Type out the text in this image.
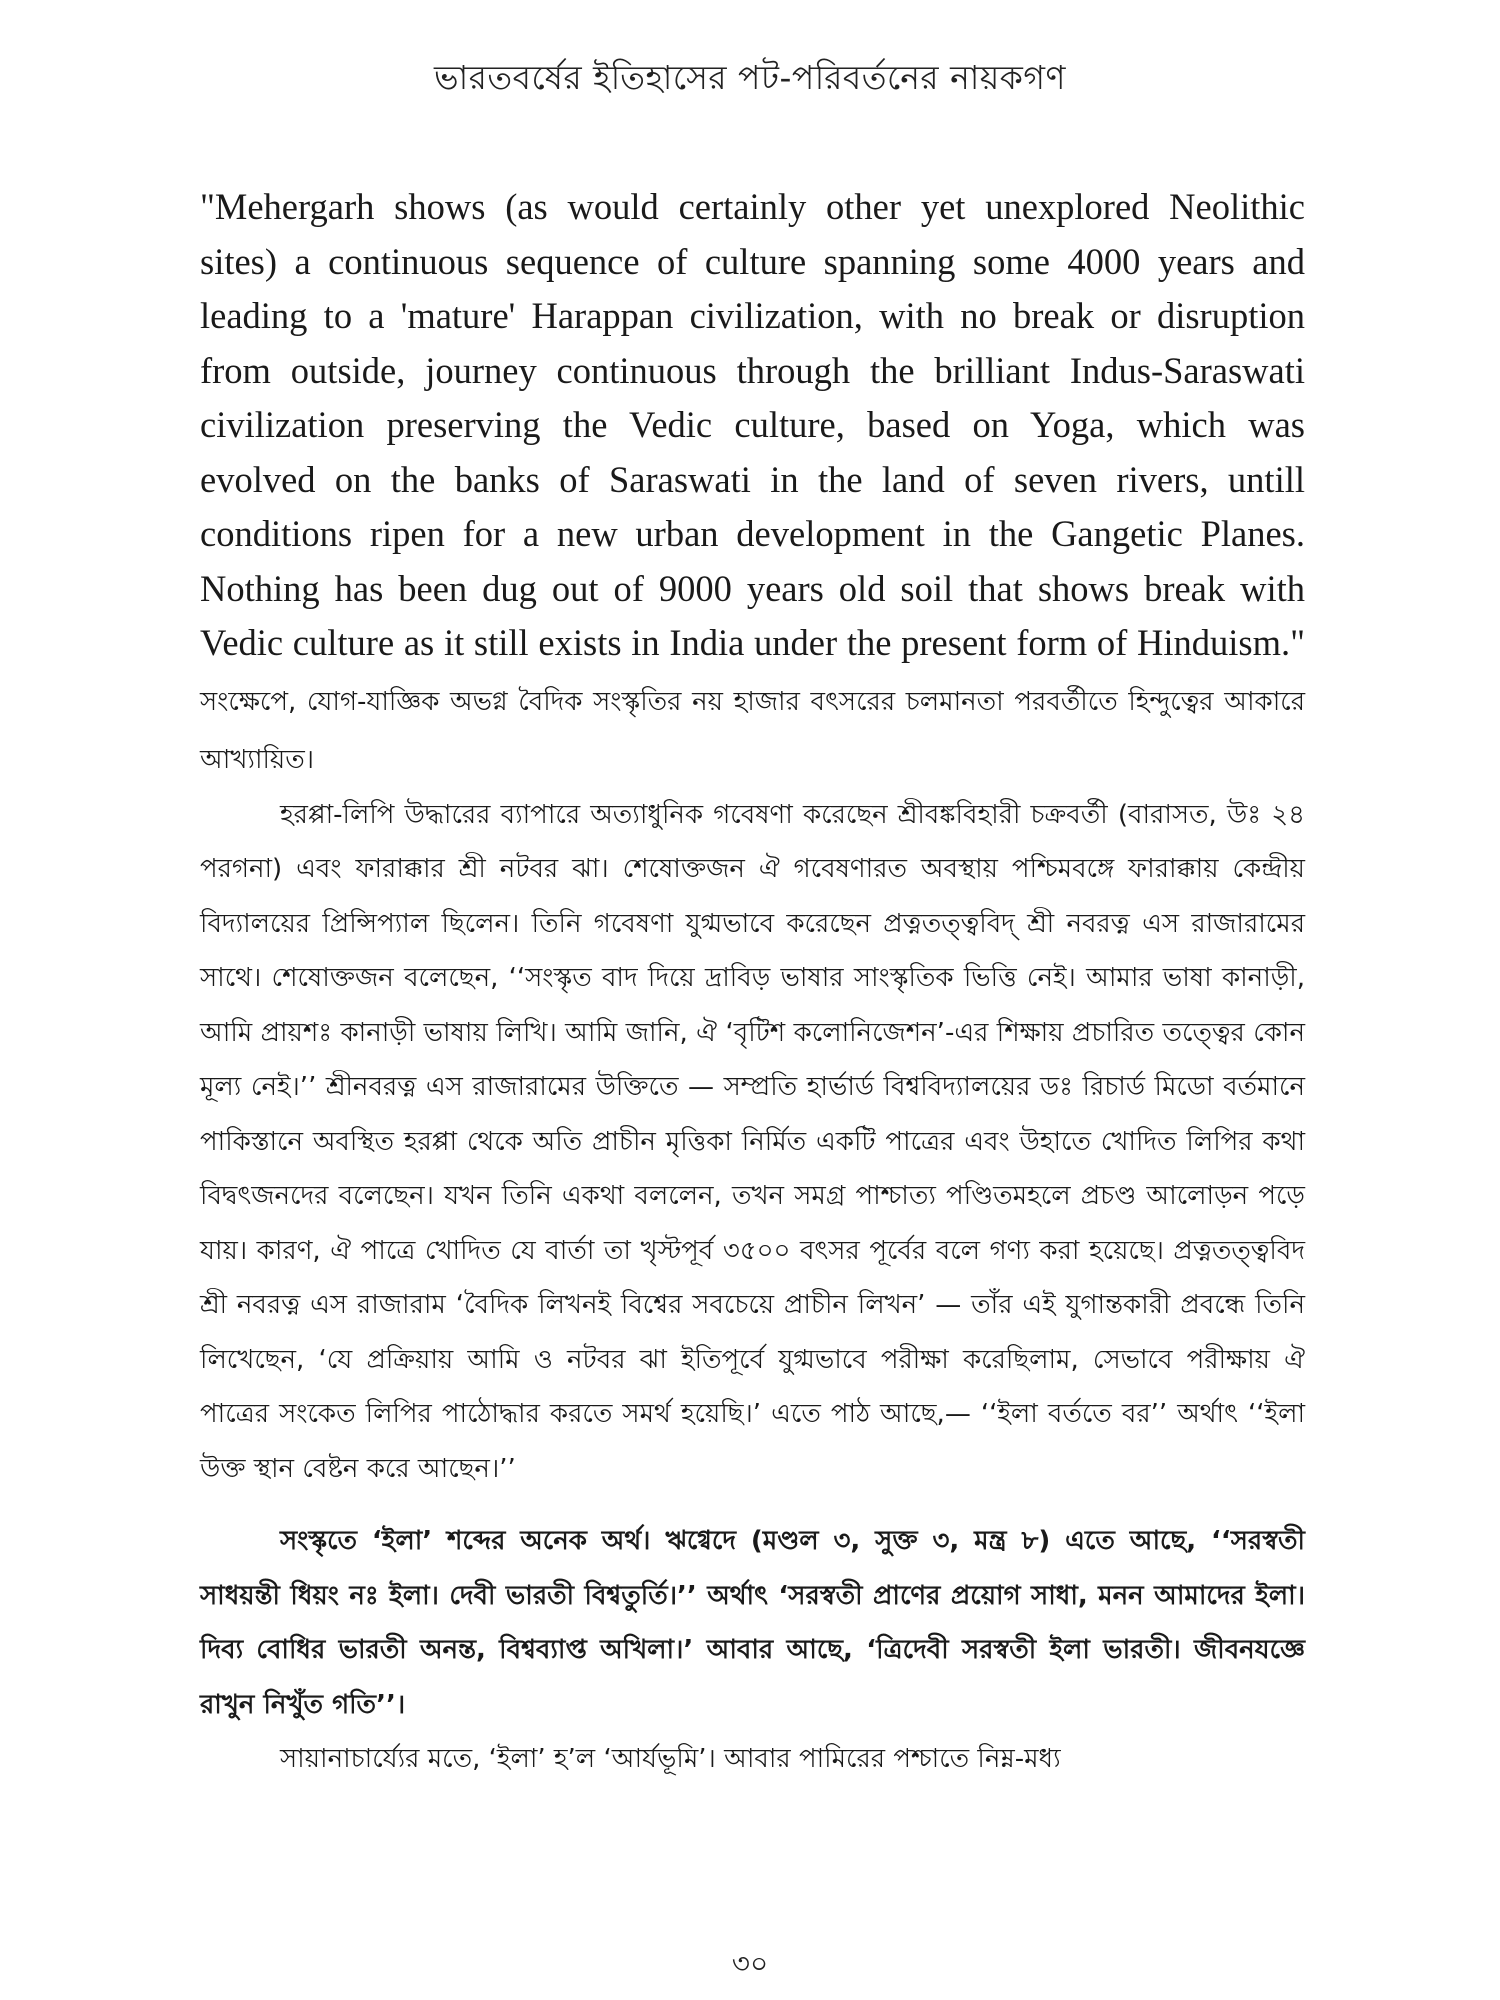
ভারতবর্ষের ইতিহাসের পট-পরিবর্তনের নায়কগণ

"Mehergarh shows (as would certainly other yet unexplored Neolithic sites) a continuous sequence of culture spanning some 4000 years and leading to a 'mature' Harappan civilization, with no break or disruption from outside, journey continuous through the brilliant Indus-Saraswati civilization preserving the Vedic culture, based on Yoga, which was evolved on the banks of Saraswati in the land of seven rivers, untill conditions ripen for a new urban development in the Gangetic Planes. Nothing has been dug out of 9000 years old soil that shows break with Vedic culture as it still exists in India under the present form of Hinduism." সংক্ষেপে, যোগ-যাজ্ঞিক অভগ্ন বৈদিক সংস্কৃতির নয় হাজার বৎসরের চলমানতা পরবর্তীতে হিন্দুত্বের আকারে আখ্যায়িত।

হরপ্পা-লিপি উদ্ধারের ব্যাপারে অত্যাধুনিক গবেষণা করেছেন শ্রীবঙ্কবিহারী চক্রবর্তী (বারাসত, উঃ ২৪ পরগনা) এবং ফারাক্কার শ্রী নটবর ঝা। শেষোক্তজন ঐ গবেষণারত অবস্থায় পশ্চিমবঙ্গে ফারাক্কায় কেন্দ্রীয় বিদ্যালয়ের প্রিন্সিপ্যাল ছিলেন। তিনি গবেষণা যুগ্মভাবে করেছেন প্রত্নতত্ত্ববিদ্ শ্রী নবরত্ন এস রাজারামের সাথে। শেষোক্তজন বলেছেন, ‘‘সংস্কৃত বাদ দিয়ে দ্রাবিড় ভাষার সাংস্কৃতিক ভিত্তি নেই। আমার ভাষা কানাড়ী, আমি প্রায়শঃ কানাড়ী ভাষায় লিখি। আমি জানি, ঐ ‘বৃটিশ কলোনিজেশন’-এর শিক্ষায় প্রচারিত তত্ত্বের কোন মূল্য নেই।’’ শ্রীনবরত্ন এস রাজারামের উক্তিতে — সম্প্রতি হার্ভার্ড বিশ্ববিদ্যালয়ের ডঃ রিচার্ড মিডো বর্তমানে পাকিস্তানে অবস্থিত হরপ্পা থেকে অতি প্রাচীন মৃত্তিকা নির্মিত একটি পাত্রের এবং উহাতে খোদিত লিপির কথা বিদ্বৎজনদের বলেছেন। যখন তিনি একথা বললেন, তখন সমগ্র পাশ্চাত্য পণ্ডিতমহলে প্রচণ্ড আলোড়ন পড়ে যায়। কারণ, ঐ পাত্রে খোদিত যে বার্তা তা খৃস্টপূর্ব ৩৫০০ বৎসর পূর্বের বলে গণ্য করা হয়েছে। প্রত্নতত্ত্ববিদ শ্রী নবরত্ন এস রাজারাম ‘বৈদিক লিখনই বিশ্বের সবচেয়ে প্রাচীন লিখন’ — তাঁর এই যুগান্তকারী প্রবন্ধে তিনি লিখেছেন, ‘যে প্রক্রিয়ায় আমি ও নটবর ঝা ইতিপূর্বে যুগ্মভাবে পরীক্ষা করেছিলাম, সেভাবে পরীক্ষায় ঐ পাত্রের সংকেত লিপির পাঠোদ্ধার করতে সমর্থ হয়েছি।’ এতে পাঠ আছে,— ‘‘ইলা বর্ততে বর’’ অর্থাৎ ‘‘ইলা উক্ত স্থান বেষ্টন করে আছেন।’’

সংস্কৃতে ‘ইলা’ শব্দের অনেক অর্থ। ঋগ্বেদে (মণ্ডল ৩, সুক্ত ৩, মন্ত্র ৮) এতে আছে, ‘‘সরস্বতী সাধয়ন্তী ধিয়ং নঃ ইলা। দেবী ভারতী বিশ্বতুর্তি।’’ অর্থাৎ ‘সরস্বতী প্রাণের প্রয়োগ সাধা, মনন আমাদের ইলা। দিব্য বোধির ভারতী অনন্ত, বিশ্বব্যাপ্ত অখিলা।’ আবার আছে, ‘ত্রিদেবী সরস্বতী ইলা ভারতী। জীবনযজ্ঞে রাখুন নিখুঁত গতি’’।

সায়ানাচার্য্যের মতে, ‘ইলা’ হ’ল ‘আর্যভূমি’। আবার পামিরের পশ্চাতে নিম্ন-মধ্য

৩০
